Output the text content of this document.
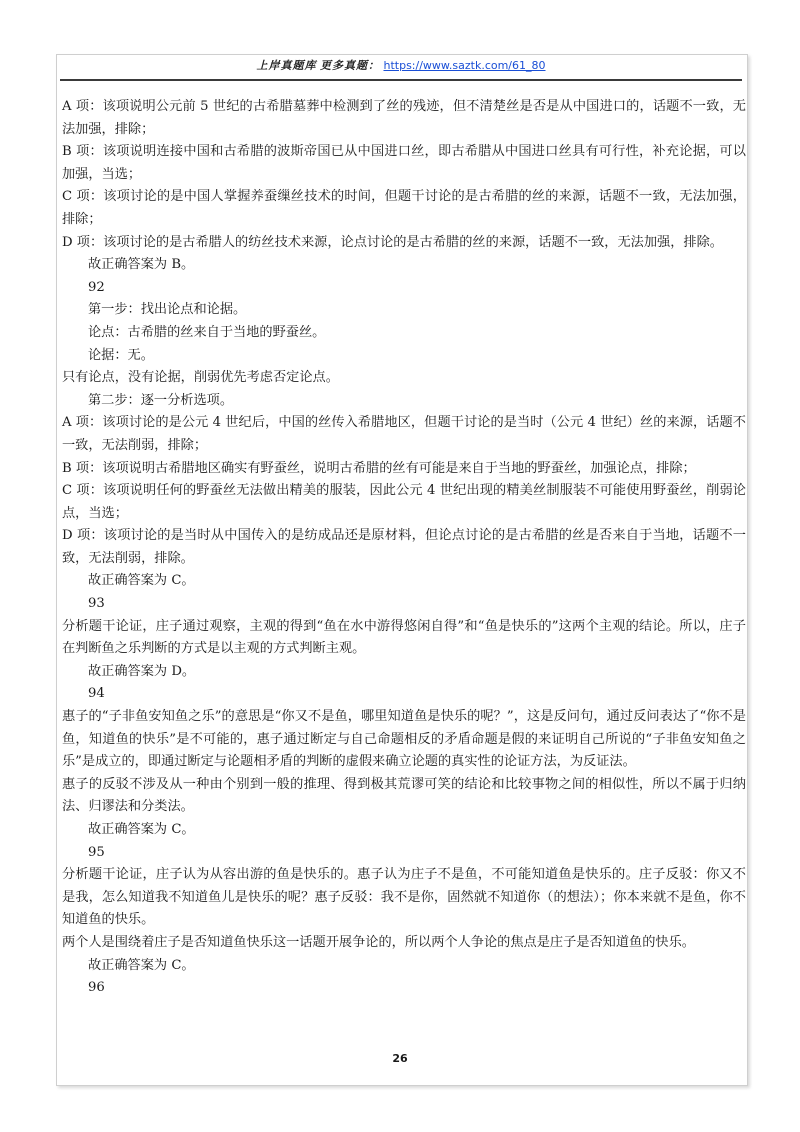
上岸真题库 更多真题： https://www.saztk.com/61_80

A 项：该项说明公元前 5 世纪的古希腊墓葬中检测到了丝的残迹，但不清楚丝是否是从中国进口的，话题不一致，无法加强，排除；

B 项：该项说明连接中国和古希腊的波斯帝国已从中国进口丝，即古希腊从中国进口丝具有可行性，补充论据，可以加强，当选；

C 项：该项讨论的是中国人掌握养蚕缫丝技术的时间，但题干讨论的是古希腊的丝的来源，话题不一致，无法加强，排除；

D 项：该项讨论的是古希腊人的纺丝技术来源，论点讨论的是古希腊的丝的来源，话题不一致，无法加强，排除。

故正确答案为 B。

92

第一步：找出论点和论据。

论点：古希腊的丝来自于当地的野蚕丝。

论据：无。

只有论点，没有论据，削弱优先考虑否定论点。

第二步：逐一分析选项。

A 项：该项讨论的是公元 4 世纪后，中国的丝传入希腊地区，但题干讨论的是当时（公元 4 世纪）丝的来源，话题不一致，无法削弱，排除；

B 项：该项说明古希腊地区确实有野蚕丝，说明古希腊的丝有可能是来自于当地的野蚕丝，加强论点，排除；

C 项：该项说明任何的野蚕丝无法做出精美的服装，因此公元 4 世纪出现的精美丝制服装不可能使用野蚕丝，削弱论点，当选；

D 项：该项讨论的是当时从中国传入的是纺成品还是原材料，但论点讨论的是古希腊的丝是否来自于当地，话题不一致，无法削弱，排除。

故正确答案为 C。

93

分析题干论证，庄子通过观察，主观的得到“鱼在水中游得悠闲自得”和“鱼是快乐的”这两个主观的结论。所以，庄子在判断鱼之乐判断的方式是以主观的方式判断主观。

故正确答案为 D。

94

惠子的“子非鱼安知鱼之乐”的意思是“你又不是鱼，哪里知道鱼是快乐的呢？”，这是反问句，通过反问表达了“你不是鱼，知道鱼的快乐”是不可能的，惠子通过断定与自己命题相反的矛盾命题是假的来证明自己所说的“子非鱼安知鱼之乐”是成立的，即通过断定与论题相矛盾的判断的虚假来确立论题的真实性的论证方法，为反证法。

惠子的反驳不涉及从一种由个别到一般的推理、得到极其荒谬可笑的结论和比较事物之间的相似性，所以不属于归纳法、归谬法和分类法。

故正确答案为 C。

95

分析题干论证，庄子认为从容出游的鱼是快乐的。惠子认为庄子不是鱼，不可能知道鱼是快乐的。庄子反驳：你又不是我，怎么知道我不知道鱼儿是快乐的呢？惠子反驳：我不是你，固然就不知道你（的想法）；你本来就不是鱼，你不知道鱼的快乐。

两个人是围绕着庄子是否知道鱼快乐这一话题开展争论的，所以两个人争论的焦点是庄子是否知道鱼的快乐。

故正确答案为 C。

96

26
